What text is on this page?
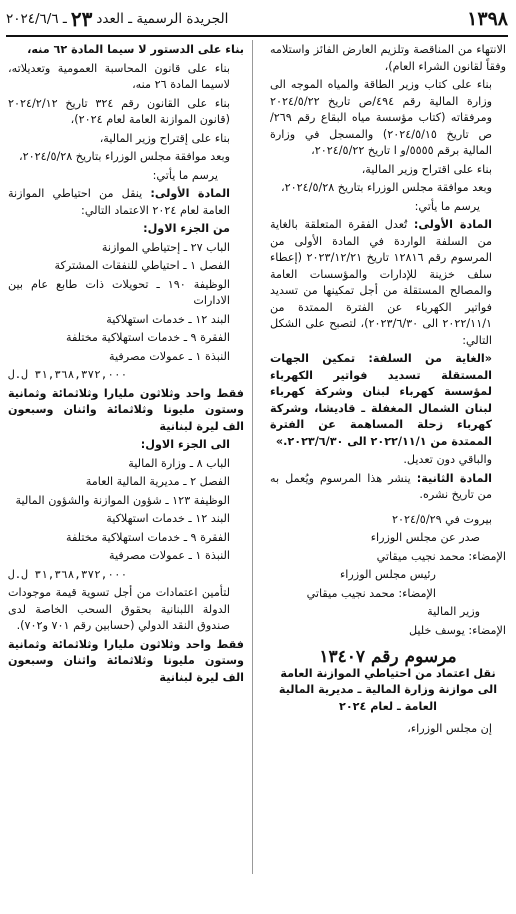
١٣٩٨
الجريدة الرسمية ـ العدد
٢٣
ـ ٢٠٢٤/٦/٦

الانتهاء من المناقصة وتلزيم العارض الفائز واستلامه وفقاً لقانون الشراء العام)،

بناء على كتاب وزير الطاقة والمياه الموجه الى وزارة المالية رقم ٤٩٤/ص تاريخ ٢٠٢٤/٥/٢٢ ومرفقاته (كتاب مؤسسة مياه البقاع رقم ٢٦٩/ص تاريخ ٢٠٢٤/٥/١٥) والمسجل في وزارة المالية برقم ٥٥٥٥/و ا تاريخ ٢٠٢٤/٥/٢٢،

بناء على اقتراح وزير المالية،

وبعد موافقة مجلس الوزراء بتاريخ ٢٠٢٤/٥/٢٨،

يرسم ما يأتي:

المادة الأولى: تُعدل الفقرة المتعلقة بالغاية من السلفة الواردة في المادة الأولى من المرسوم رقم ١٢٨١٦ تاريخ ٢٠٢٣/١٢/٢١ (إعطاء سلف خزينة للإدارات والمؤسسات العامة والمصالح المستقلة من أجل تمكينها من تسديد فواتير الكهرباء عن الفترة الممتدة من ٢٠٢٢/١١/١ الى ٢٠٢٣/٦/٣٠)، لتصبح على الشكل التالي:

«الغاية من السلفة: تمكين الجهات المستقلة تسديد فواتير الكهرباء لمؤسسة كهرباء لبنان وشركة كهرباء لبنان الشمال المغفلة ـ قاديشا، وشركة كهرباء زحلة المساهمة عن الفترة الممتدة من ٢٠٢٢/١١/١ الى ٢٠٢٣/٦/٣٠.»

والباقي دون تعديل.

المادة الثانية: ينشر هذا المرسوم ويُعمل به من تاريخ نشره.

بيروت في ٢٠٢٤/٥/٢٩

صدر عن مجلس الوزراء

الإمضاء: محمد نجيب ميقاتي

رئيس مجلس الوزراء

الإمضاء: محمد نجيب ميقاتي

وزير المالية

الإمضاء: يوسف خليل

مرسوم رقم ١٣٤٠٧
نقل اعتماد من احتياطي الموازنة العامة الى موازنة وزارة المالية ـ مديرية المالية العامة ـ لعام ٢٠٢٤

إن مجلس الوزراء،

بناء على الدستور لا سيما المادة ٦٢ منه،

بناء على قانون المحاسبة العمومية وتعديلاته، لاسيما المادة ٢٦ منه،

بناء على القانون رقم ٣٢٤ تاريخ ٢٠٢٤/٢/١٢ (قانون الموازنة العامة لعام ٢٠٢٤)،

بناء على إقتراح وزير المالية،

وبعد موافقة مجلس الوزراء بتاريخ ٢٠٢٤/٥/٢٨،

يرسم ما يأتي:

المادة الأولى: ينقل من احتياطي الموازنة العامة لعام ٢٠٢٤ الاعتماد التالي:

من الجزء الاول:

الباب ٢٧ ـ إحتياطي الموازنة

الفصل ١ ـ احتياطي للنفقات المشتركة

الوظيفة ١٩٠ ـ تحويلات ذات طابع عام بين الادارات

البند ١٢ ـ خدمات استهلاكية

الفقرة ٩ ـ خدمات استهلاكية مختلفة

النبذة ١ ـ عمولات مصرفية

٣١,٣٦٨,٣٧٢,٠٠٠ ل.ل

فقط واحد وثلاثون مليارا وثلاثمائة وثمانية وستون مليونا وثلاثمائة واثنان وسبعون الف ليرة لبنانية

الى الجزء الاول:

الباب ٨ ـ وزارة المالية

الفصل ٢ ـ مديرية المالية العامة

الوظيفة ١٢٣ ـ شؤون الموازنة والشؤون المالية

البند ١٢ ـ خدمات استهلاكية

الفقرة ٩ ـ خدمات استهلاكية مختلفة

النبذة ١ ـ عمولات مصرفية

٣١,٣٦٨,٣٧٢,٠٠٠ ل.ل

لتأمين اعتمادات من أجل تسوية قيمة موجودات الدولة اللبنانية بحقوق السحب الخاصة لدى صندوق النقد الدولي (حسابين رقم ٧٠١ و٧٠٢).

فقط واحد وثلاثون مليارا وثلاثمائة وثمانية وستون مليونا وثلاثمائة واثنان وسبعون الف ليرة لبنانية
